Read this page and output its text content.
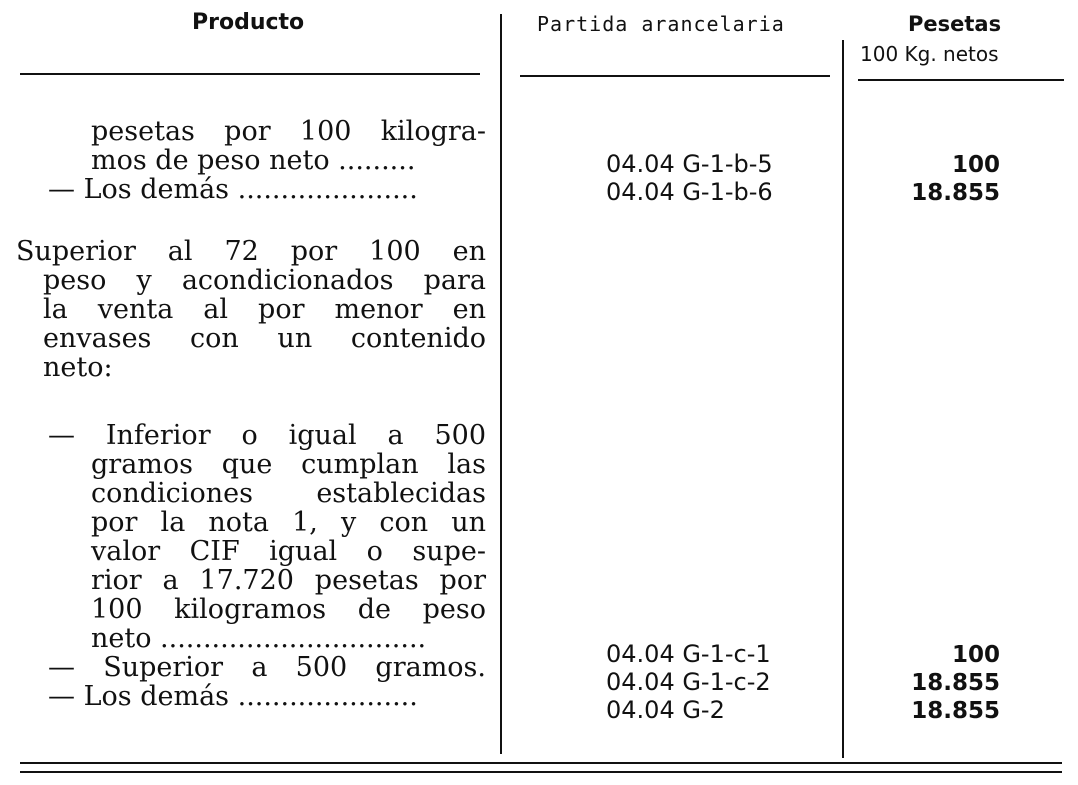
Producto	Partida arancelaria	Pesetas
100 Kg. netos
pesetas por 100 kilogra-
mos de peso neto .........
— Los demás .....................
Superior al 72 por 100 en
peso y acondicionados para
la venta al por menor en
envases con un contenido
neto:
— Inferior o igual a 500
gramos que cumplan las
condiciones establecidas
por la nota 1, y con un
valor CIF igual o supe-
rior a 17.720 pesetas por
100 kilogramos de peso
neto ...............................
— Superior a 500 gramos.
— Los demás .....................
04.04 G-1-b-5
04.04 G-1-b-6
04.04 G-1-c-1
04.04 G-1-c-2
04.04 G-2
100
18.855
100
18.855
18.855
